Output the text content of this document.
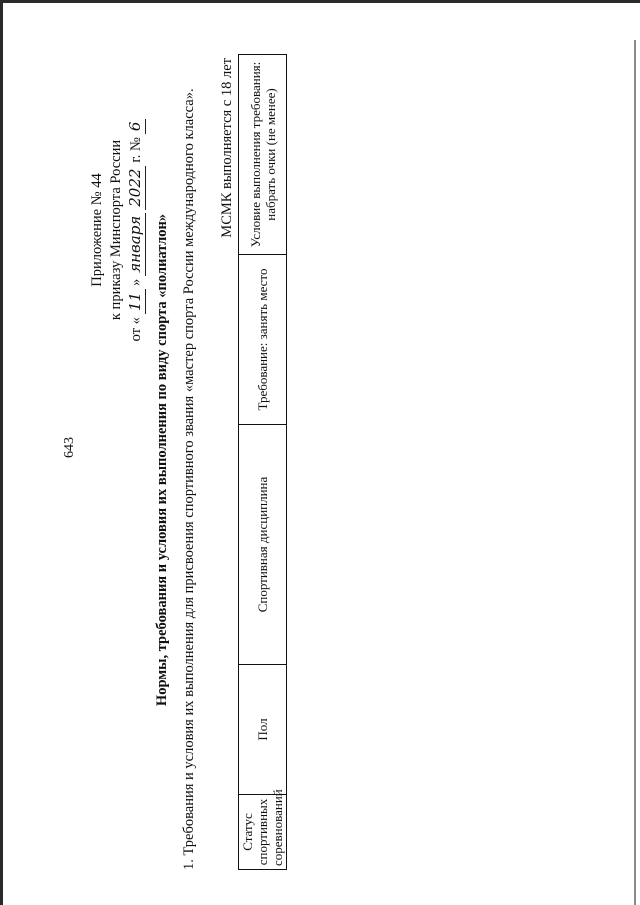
643
Приложение № 44 к приказу Минспорта России
от «
11
»
января
2022
г. №
6
Нормы, требования и условия их выполнения по виду спорта «полиатлон» 1. Требования и условия их выполнения для присвоения спортивного звания «мастер спорта России международного класса». МСМК выполняется с 18 лет
Статус спортивных соревнований	Пол	Спортивная дисциплина	Требование: занять место	Условие выполнения требования: набрать очки (не менее)
